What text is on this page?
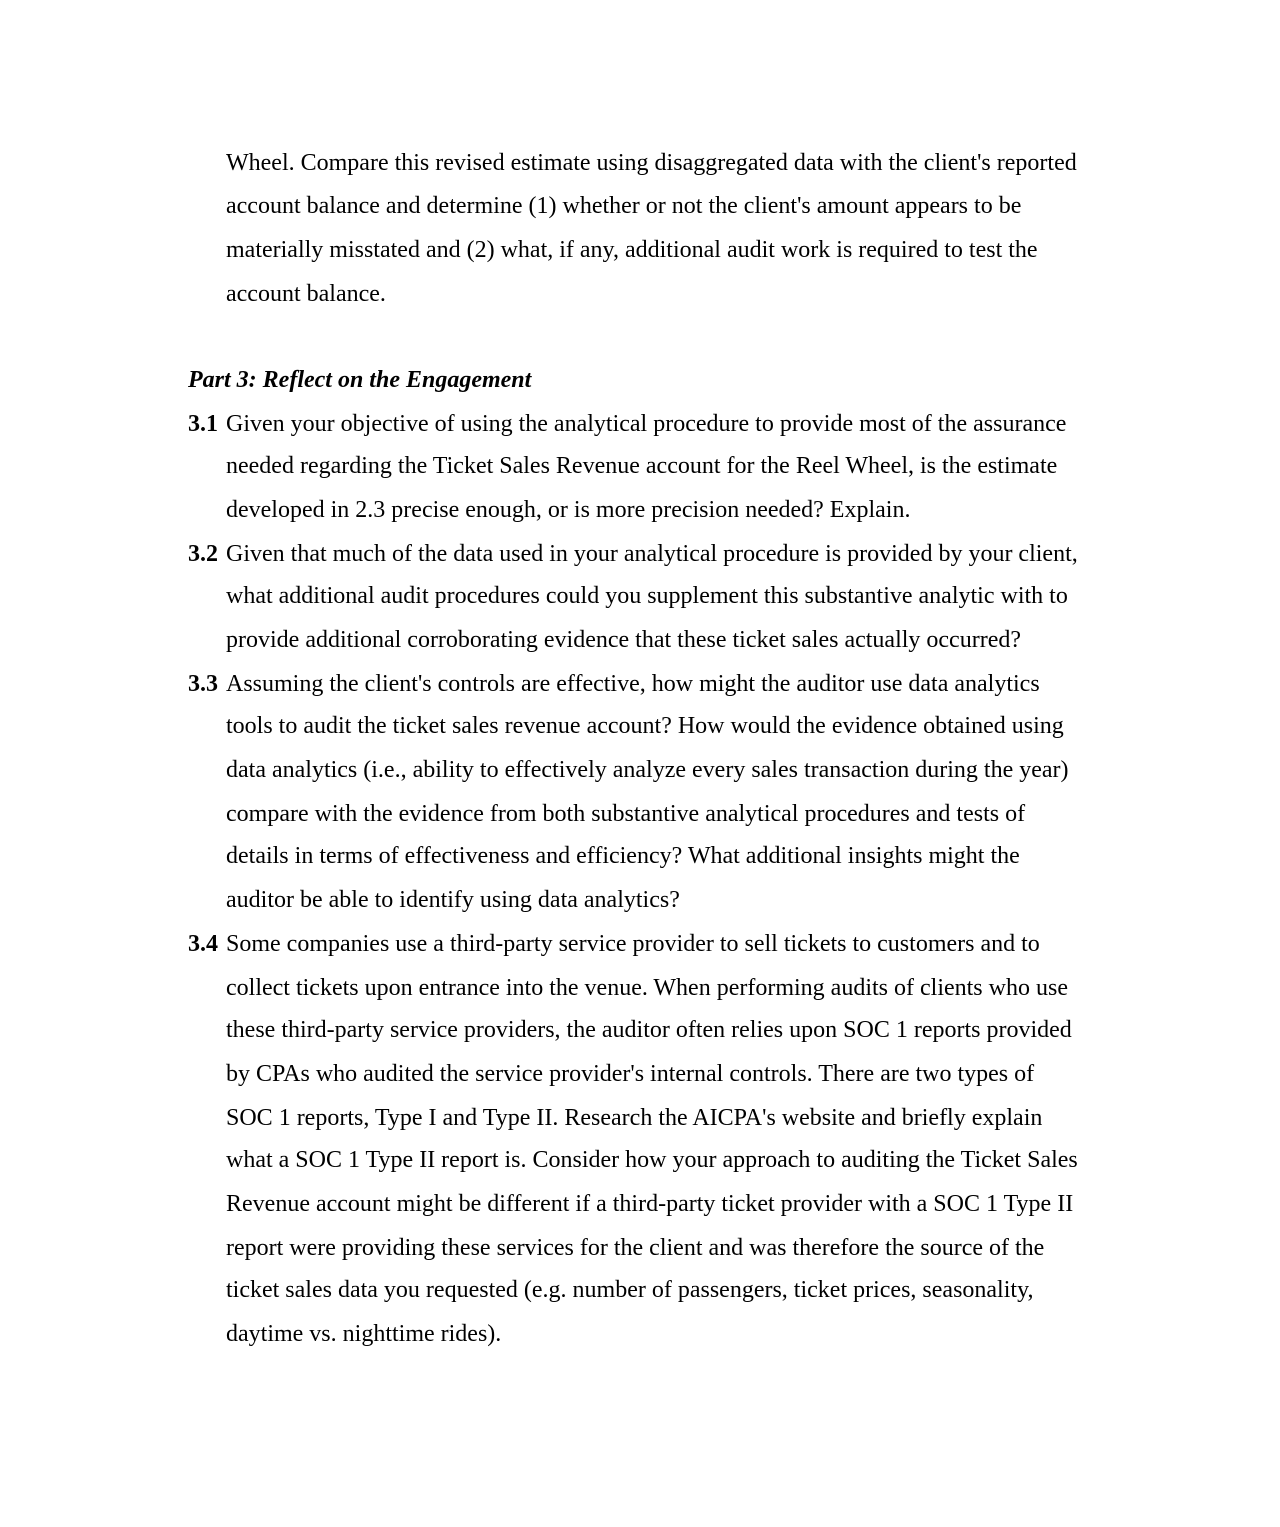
Wheel. Compare this revised estimate using disaggregated data with the client's reported
account balance and determine (1) whether or not the client's amount appears to be
materially misstated and (2) what, if any, additional audit work is required to test the
account balance.
Part 3: Reflect on the Engagement
3.1 Given your objective of using the analytical procedure to provide most of the assurance
needed regarding the Ticket Sales Revenue account for the Reel Wheel, is the estimate
developed in 2.3 precise enough, or is more precision needed? Explain.
3.2 Given that much of the data used in your analytical procedure is provided by your client,
what additional audit procedures could you supplement this substantive analytic with to
provide additional corroborating evidence that these ticket sales actually occurred?
3.3 Assuming the client's controls are effective, how might the auditor use data analytics
tools to audit the ticket sales revenue account? How would the evidence obtained using
data analytics (i.e., ability to effectively analyze every sales transaction during the year)
compare with the evidence from both substantive analytical procedures and tests of
details in terms of effectiveness and efficiency? What additional insights might the
auditor be able to identify using data analytics?
3.4 Some companies use a third-party service provider to sell tickets to customers and to
collect tickets upon entrance into the venue. When performing audits of clients who use
these third-party service providers, the auditor often relies upon SOC 1 reports provided
by CPAs who audited the service provider's internal controls. There are two types of
SOC 1 reports, Type I and Type II. Research the AICPA's website and briefly explain
what a SOC 1 Type II report is. Consider how your approach to auditing the Ticket Sales
Revenue account might be different if a third-party ticket provider with a SOC 1 Type II
report were providing these services for the client and was therefore the source of the
ticket sales data you requested (e.g. number of passengers, ticket prices, seasonality,
daytime vs. nighttime rides).
